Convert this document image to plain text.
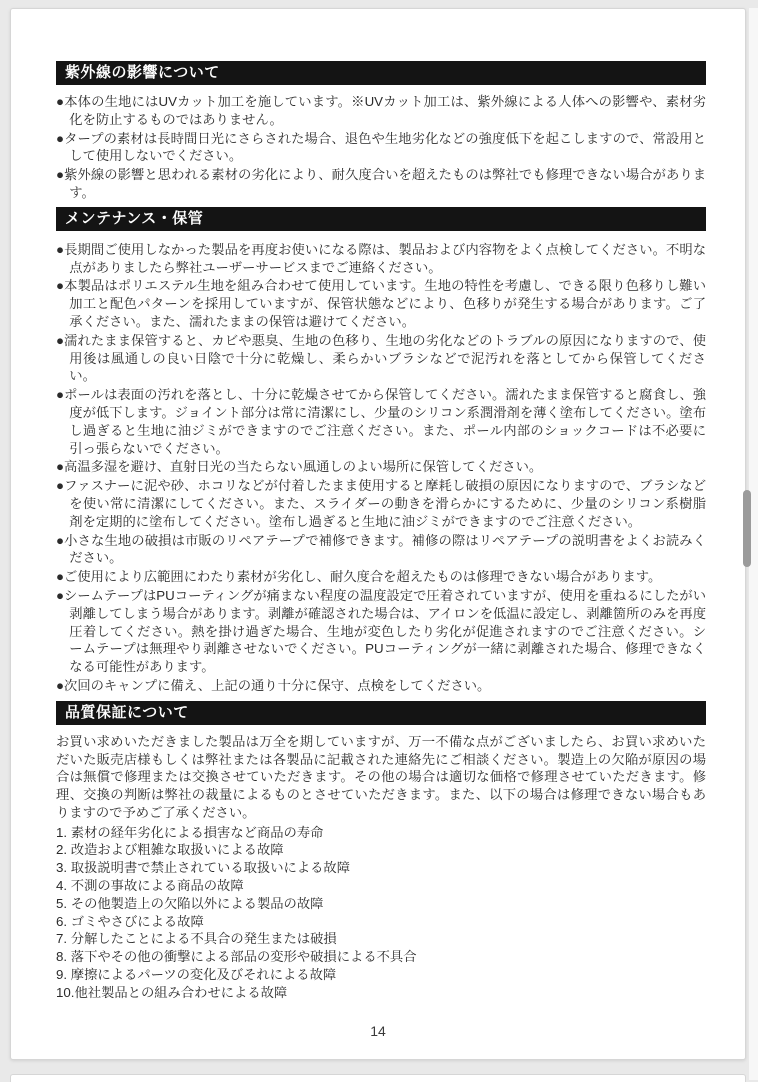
紫外線の影響について
●本体の生地にはUVカット加工を施しています。※UVカット加工は、紫外線による人体への影響や、素材劣化を防止するものではありません。
●タープの素材は長時間日光にさらされた場合、退色や生地劣化などの強度低下を起こしますので、常設用として使用しないでください。
●紫外線の影響と思われる素材の劣化により、耐久度合いを超えたものは弊社でも修理できない場合があります。
メンテナンス・保管
●長期間ご使用しなかった製品を再度お使いになる際は、製品および内容物をよく点検してください。不明な点がありましたら弊社ユーザーサービスまでご連絡ください。
●本製品はポリエステル生地を組み合わせて使用しています。生地の特性を考慮し、できる限り色移りし難い加工と配色パターンを採用していますが、保管状態などにより、色移りが発生する場合があります。ご了承ください。また、濡れたままの保管は避けてください。
●濡れたまま保管すると、カビや悪臭、生地の色移り、生地の劣化などのトラブルの原因になりますので、使用後は風通しの良い日陰で十分に乾燥し、柔らかいブラシなどで泥汚れを落としてから保管してください。
●ポールは表面の汚れを落とし、十分に乾燥させてから保管してください。濡れたまま保管すると腐食し、強度が低下します。ジョイント部分は常に清潔にし、少量のシリコン系潤滑剤を薄く塗布してください。塗布し過ぎると生地に油ジミができますのでご注意ください。また、ポール内部のショックコードは不必要に引っ張らないでください。
●高温多湿を避け、直射日光の当たらない風通しのよい場所に保管してください。
●ファスナーに泥や砂、ホコリなどが付着したまま使用すると摩耗し破損の原因になりますので、ブラシなどを使い常に清潔にしてください。また、スライダーの動きを滑らかにするために、少量のシリコン系樹脂剤を定期的に塗布してください。塗布し過ぎると生地に油ジミができますのでご注意ください。
●小さな生地の破損は市販のリペアテープで補修できます。補修の際はリペアテープの説明書をよくお読みください。
●ご使用により広範囲にわたり素材が劣化し、耐久度合を超えたものは修理できない場合があります。
●シームテープはPUコーティングが痛まない程度の温度設定で圧着されていますが、使用を重ねるにしたがい剥離してしまう場合があります。剥離が確認された場合は、アイロンを低温に設定し、剥離箇所のみを再度圧着してください。熱を掛け過ぎた場合、生地が変色したり劣化が促進されますのでご注意ください。シームテープは無理やり剥離させないでください。PUコーティングが一緒に剥離された場合、修理できなくなる可能性があります。
●次回のキャンプに備え、上記の通り十分に保守、点検をしてください。
品質保証について

お買い求めいただきました製品は万全を期していますが、万一不備な点がございましたら、お買い求めいただいた販売店様もしくは弊社または各製品に記載された連絡先にご相談ください。製造上の欠陥が原因の場合は無償で修理または交換させていただきます。その他の場合は適切な価格で修理させていただきます。修理、交換の判断は弊社の裁量によるものとさせていただきます。また、以下の場合は修理できない場合もありますので予めご了承ください。

1. 素材の経年劣化による損害など商品の寿命
2. 改造および粗雑な取扱いによる故障
3. 取扱説明書で禁止されている取扱いによる故障
4. 不測の事故による商品の故障
5. その他製造上の欠陥以外による製品の故障
6. ゴミやさびによる故障
7. 分解したことによる不具合の発生または破損
8. 落下やその他の衝撃による部品の変形や破損による不具合
9. 摩擦によるパーツの変化及びそれによる故障
10.他社製品との組み合わせによる故障
14
